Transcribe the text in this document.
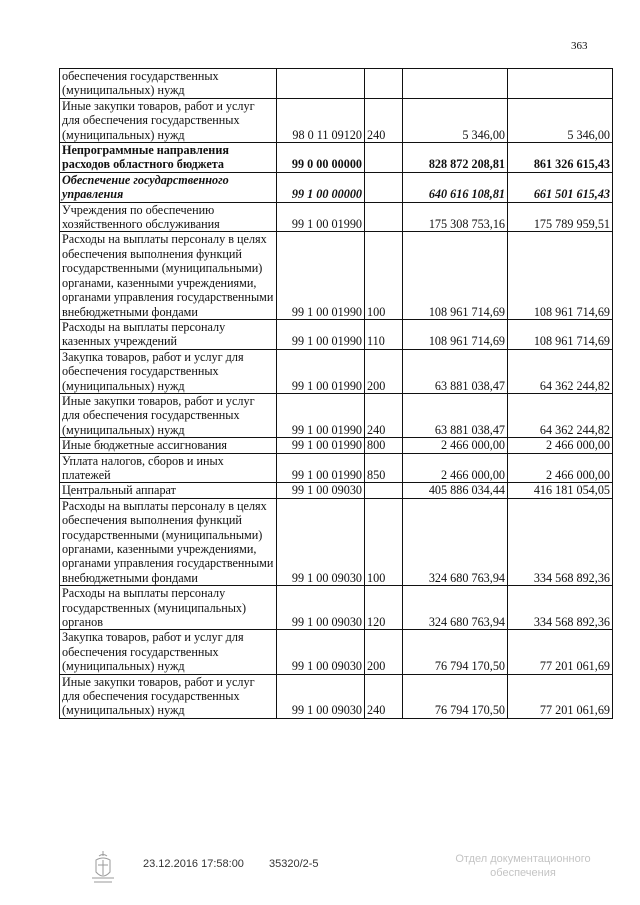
363
обеспечения государственных (муниципальных) нужд				
Иные закупки товаров, работ и услуг для обеспечения государственных (муниципальных) нужд	98 0 11 09120	240	5 346,00	5 346,00
Непрограммные направления расходов областного бюджета	99 0 00 00000		828 872 208,81	861 326 615,43
Обеспечение государственного управления	99 1 00 00000		640 616 108,81	661 501 615,43
Учреждения по обеспечению хозяйственного обслуживания	99 1 00 01990		175 308 753,16	175 789 959,51
Расходы на выплаты персоналу в целях обеспечения выполнения функций государственными (муниципальными) органами, казенными учреждениями, органами управления государственными внебюджетными фондами	99 1 00 01990	100	108 961 714,69	108 961 714,69
Расходы на выплаты персоналу казенных учреждений	99 1 00 01990	110	108 961 714,69	108 961 714,69
Закупка товаров, работ и услуг для обеспечения государственных (муниципальных) нужд	99 1 00 01990	200	63 881 038,47	64 362 244,82
Иные закупки товаров, работ и услуг для обеспечения государственных (муниципальных) нужд	99 1 00 01990	240	63 881 038,47	64 362 244,82
Иные бюджетные ассигнования	99 1 00 01990	800	2 466 000,00	2 466 000,00
Уплата налогов, сборов и иных платежей	99 1 00 01990	850	2 466 000,00	2 466 000,00
Центральный аппарат	99 1 00 09030		405 886 034,44	416 181 054,05
Расходы на выплаты персоналу в целях обеспечения выполнения функций государственными (муниципальными) органами, казенными учреждениями, органами управления государственными внебюджетными фондами	99 1 00 09030	100	324 680 763,94	334 568 892,36
Расходы на выплаты персоналу государственных (муниципальных) органов	99 1 00 09030	120	324 680 763,94	334 568 892,36
Закупка товаров, работ и услуг для обеспечения государственных (муниципальных) нужд	99 1 00 09030	200	76 794 170,50	77 201 061,69
Иные закупки товаров, работ и услуг для обеспечения государственных (муниципальных) нужд	99 1 00 09030	240	76 794 170,50	77 201 061,69
23.12.2016 17:58:00 35320/2-5	Отдел документационного
обеспечения
